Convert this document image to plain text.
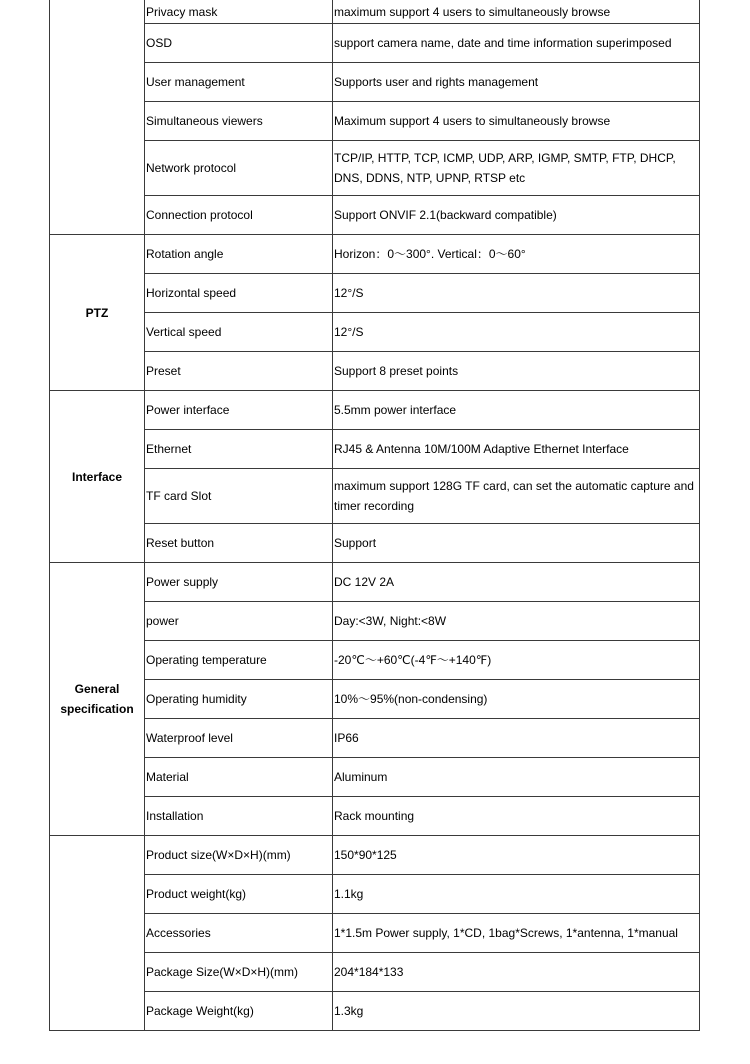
	Privacy mask	maximum support 4 users to simultaneously browse
	OSD	support camera name, date and time information superimposed
	User management	Supports user and rights management
	Simultaneous viewers	Maximum support 4 users to simultaneously browse
	Network protocol	TCP/IP, HTTP, TCP, ICMP, UDP, ARP, IGMP, SMTP, FTP, DHCP, DNS, DDNS, NTP, UPNP, RTSP etc
	Connection protocol	Support ONVIF 2.1(backward compatible)
PTZ	Rotation angle	Horizon：0～300°. Vertical：0～60°
	Horizontal speed	12°/S
	Vertical speed	12°/S
	Preset	Support 8 preset points
Interface	Power interface	5.5mm power interface
	Ethernet	RJ45 & Antenna 10M/100M Adaptive Ethernet Interface
	TF card Slot	maximum support 128G TF card, can set the automatic capture and timer recording
	Reset button	Support
General specification	Power supply	DC 12V 2A
	power	Day:<3W, Night:<8W
	Operating temperature	-20℃～+60℃(-4℉～+140℉)
	Operating humidity	10%～95%(non-condensing)
	Waterproof level	IP66
	Material	Aluminum
	Installation	Rack mounting
	Product size(W×D×H)(mm)	150*90*125
	Product weight(kg)	1.1kg
	Accessories	1*1.5m Power supply, 1*CD, 1bag*Screws, 1*antenna, 1*manual
	Package Size(W×D×H)(mm)	204*184*133
	Package Weight(kg)	1.3kg
